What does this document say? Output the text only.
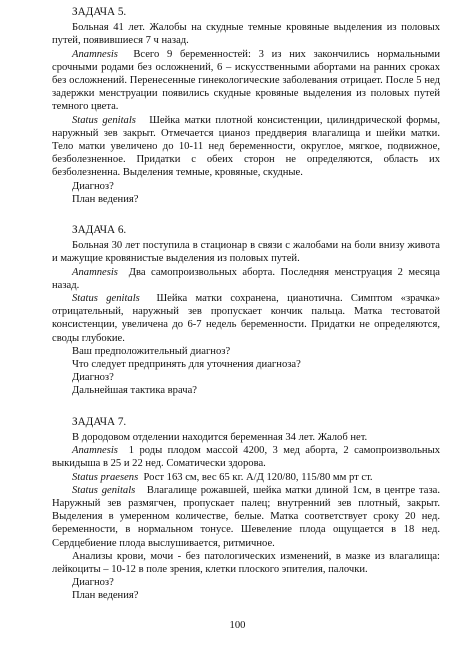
ЗАДАЧА 5.

Больная 41 лет. Жалобы на скудные темные кровяные выделения из половых путей, появившиеся 7 ч назад.

Anamnesis Всего 9 беременностей: 3 из них закончились нормальными срочными родами без осложнений, 6 – искусственными абортами на ранних сроках без осложнений. Перенесенные гинекологические заболевания отрицает. После 5 нед задержки менструации появились скудные кровяные выделения из половых путей темного цвета.

Status genitals Шейка матки плотной консистенции, цилиндрической формы, наружный зев закрыт. Отмечается цианоз преддверия влагалища и шейки матки. Тело матки увеличено до 10-11 нед беременности, округлое, мягкое, подвижное, безболезненное. Придатки с обеих сторон не определяются, область их безболезненна. Выделения темные, кровяные, скудные.

Диагноз?

План ведения?

ЗАДАЧА 6.

Больная 30 лет поступила в стационар в связи с жалобами на боли внизу живота и мажущие кровянистые выделения из половых путей.

Anamnesis Два самопроизвольных аборта. Последняя менструация 2 месяца назад.

Status genitals Шейка матки сохранена, цианотична. Симптом «зрачка» отрицательный, наружный зев пропускает кончик пальца. Матка тестоватой консистенции, увеличена до 6-7 недель беременности. Придатки не определяются, своды глубокие.

Ваш предположительный диагноз?

Что следует предпринять для уточнения диагноза?

Диагноз?

Дальнейшая тактика врача?

ЗАДАЧА 7.

В дородовом отделении находится беременная 34 лет. Жалоб нет.

Anamnesis 1 роды плодом массой 4200, 3 мед аборта, 2 самопроизвольных выкидыша в 25 и 22 нед. Соматически здорова.

Status praesens Рост 163 см, вес 65 кг. А/Д 120/80, 115/80 мм рт ст.

Status genitals Влагалище рожавшей, шейка матки длиной 1см, в центре таза. Наружный зев размягчен, пропускает палец; внутренний зев плотный, закрыт. Выделения в умеренном количестве, белые. Матка соответствует сроку 20 нед. беременности, в нормальном тонусе. Шевеление плода ощущается в 18 нед. Сердцебиение плода выслушивается, ритмичное.

Анализы крови, мочи - без патологических изменений, в мазке из влагалища: лейкоциты – 10-12 в поле зрения, клетки плоского эпителия, палочки.

Диагноз?

План ведения?

100
